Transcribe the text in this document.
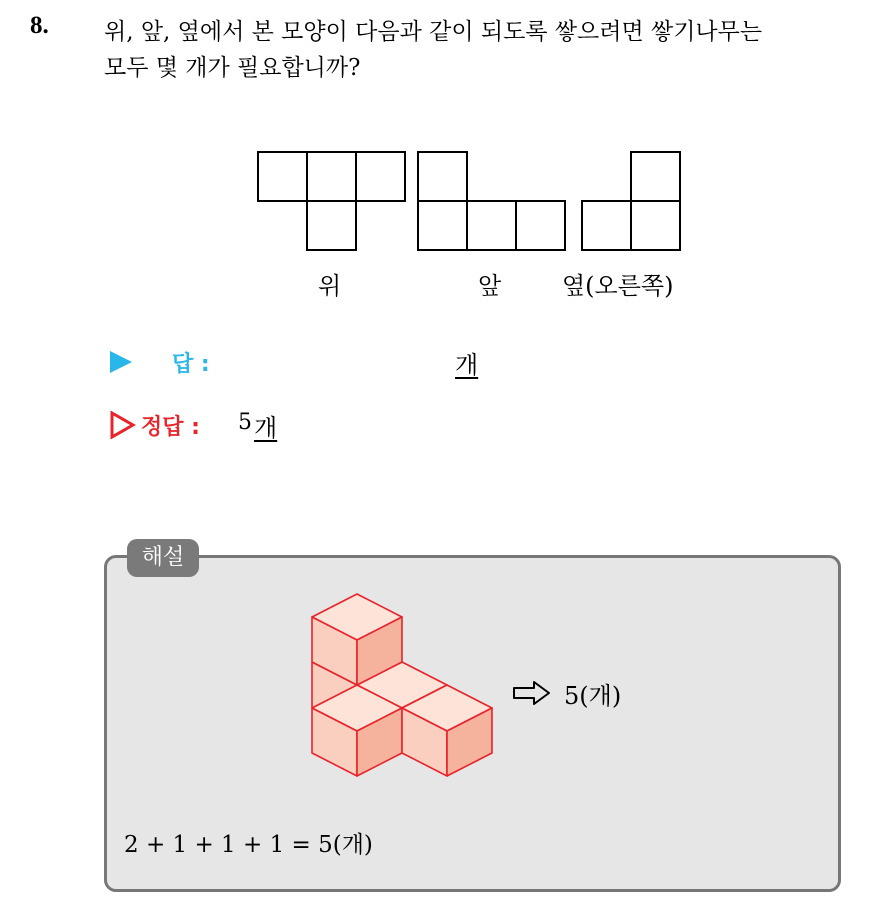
8. 위, 앞, 옆에서 본 모양이 다음과 같이 되도록 쌓으려면 쌓기나무는
모두 몇 개가 필요합니까?
위	앞	옆(오른쪽)
답 :	개
정답 : 5 개
해설
5(개)
2 + 1 + 1 + 1 = 5(개)
